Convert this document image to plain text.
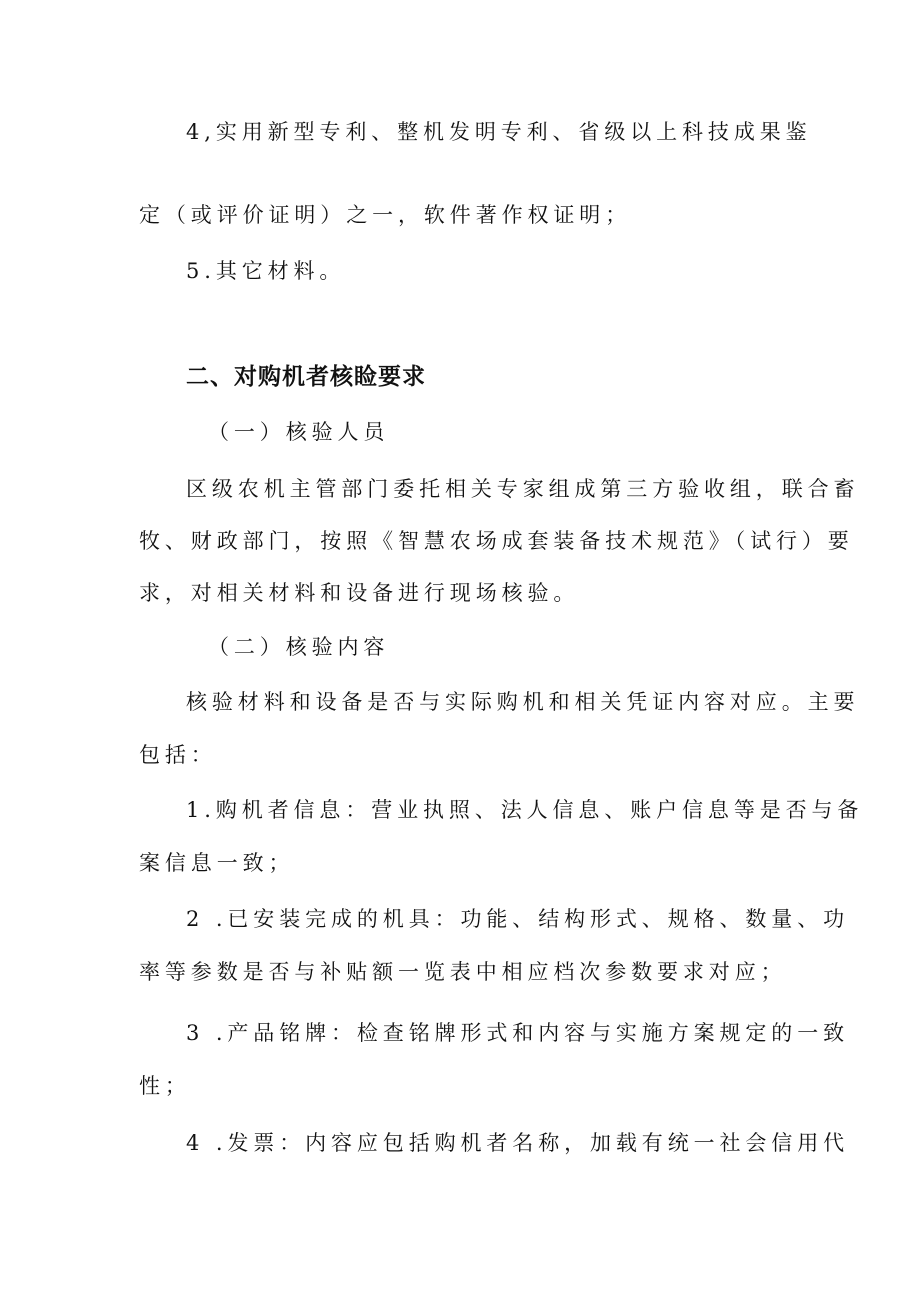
4,实用新型专利、整机发明专利、省级以上科技成果鉴
定（或评价证明）之一，软件著作权证明；
5.其它材料。
二、对购机者核睑要求
（一）核验人员
区级农机主管部门委托相关专家组成第三方验收组，联合畜
牧、财政部门，按照《智慧农场成套装备技术规范》（试行）要
求，对相关材料和设备进行现场核验。
（二）核验内容
核验材料和设备是否与实际购机和相关凭证内容对应。主要
包括：
1.购机者信息：营业执照、法人信息、账户信息等是否与备
案信息一致；
2 .已安装完成的机具：功能、结构形式、规格、数量、功
率等参数是否与补贴额一览表中相应档次参数要求对应；
3 .产品铭牌：检查铭牌形式和内容与实施方案规定的一致
性；
4 .发票：内容应包括购机者名称，加载有统一社会信用代
